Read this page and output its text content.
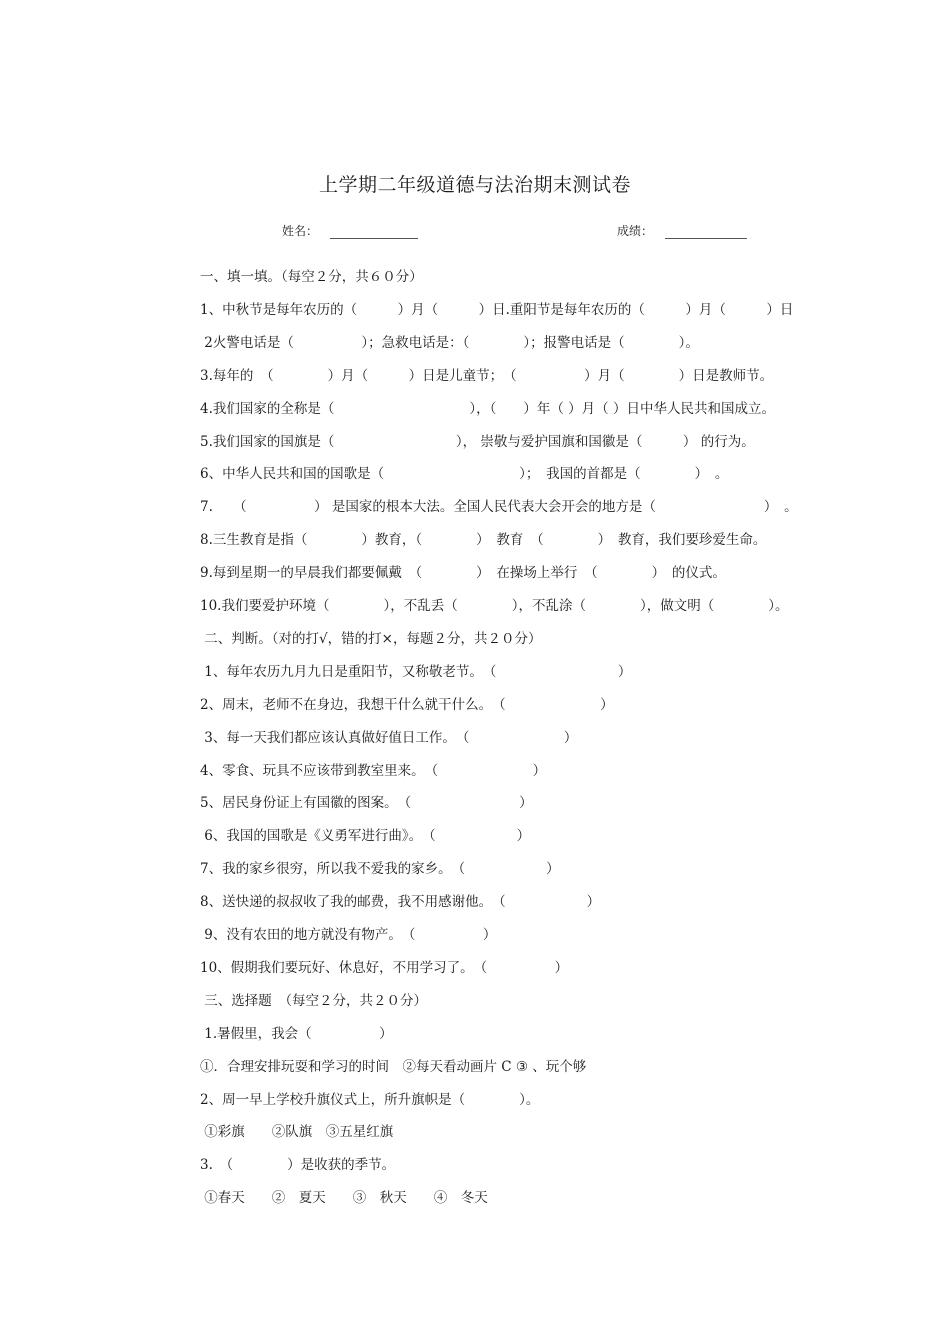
上学期二年级道德与法治期末测试卷
姓名：	成绩：
一、填一填。（每空２分，共６０分）
1、中秋节是每年农历的（　　　）月（　　　）日.重阳节是每年农历的（　　　）月（　　　）日
2火警电话是（　　　　　）；急救电话是：（　　　　）；报警电话是（　　　　）。
3.每年的　（　　　　）月（　　　）日是儿童节；　（　　　　　）月（　　　　）日是教师节。
4.我们国家的全称是（　　　　　　　　　　），（　　）年（ ）月（ ）日中华人民共和国成立。
5.我们国家的国旗是（　　　　　　　　　）， 崇敬与爱护国旗和国徽是（　　　） 的行为。
6、中华人民共和国的国歌是（　　　　　　　　　　）；　我国的首都是（　　　　）　。
7.　　（　　　　　） 是国家的根本大法。全国人民代表大会开会的地方是（　　　　　　　　）　。
8.三生教育是指（　　　　）教育，（　　　　）　教育　（　　　　）　教育，我们要珍爱生命。
9.每到星期一的早晨我们都要佩戴　（　　　　）　在操场上举行　（　　　　）　的仪式。
10.我们要爱护环境（　　　　），不乱丢（　　　　），不乱涂（　　　　），做文明（　　　　）。
二、判断。（对的打√，错的打×，每题２分，共２０分）
1、每年农历九月九日是重阳节，又称敬老节。　（　　　　　　　　　）
2、周末，老师不在身边，我想干什么就干什么。　（　　　　　　　）
3、每一天我们都应该认真做好值日工作。　（　　　　　　　）
4、零食、玩具不应该带到教室里来。　（　　　　　　　）
5、居民身份证上有国徽的图案。　（　　　　　　　　）
6、我国的国歌是《义勇军进行曲》。　（　　　　　　）
7、我的家乡很穷，所以我不爱我的家乡。　（　　　　　　）
8、送快递的叔叔收了我的邮费，我不用感谢他。　（　　　　　　）
9、没有农田的地方就没有物产。　（　　　　　）
10、假期我们要玩好、休息好，不用学习了。　（　　　　　）
三、选择题　（每空２分，共２０分）
1.暑假里，我会（　　　　　）
①．合理安排玩耍和学习的时间　②每天看动画片 C ③ 、玩个够
2、周一早上学校升旗仪式上，所升旗帜是（　　　　）。
①彩旗　　②队旗　③五星红旗
3.　（　　　　）是收获的季节。
①春天　　②　夏天　　③　秋天　　④　冬天
